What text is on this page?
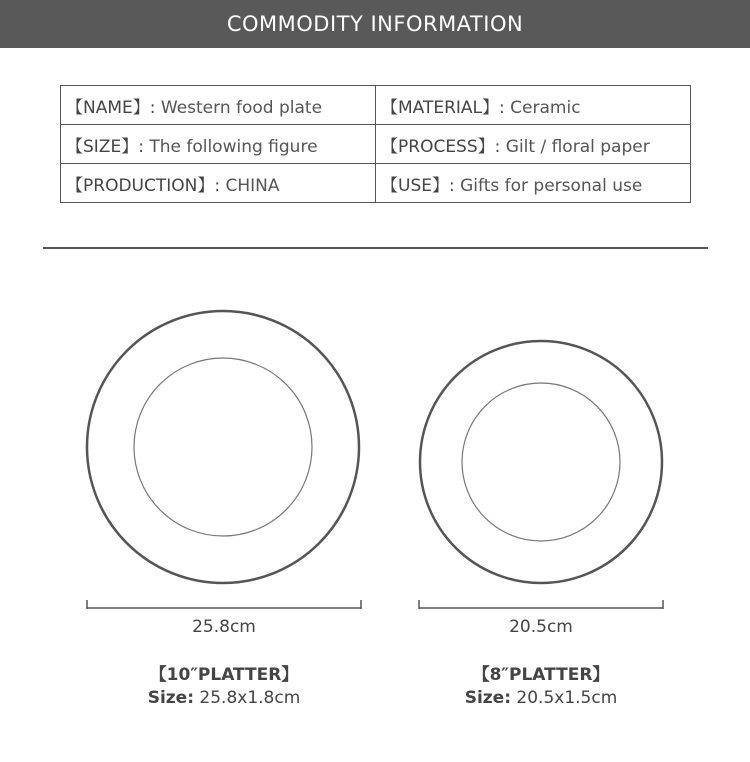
COMMODITY INFORMATION
【NAME】: Western food plate	【MATERIAL】: Ceramic
【SIZE】: The following figure	【PROCESS】: Gilt / floral paper
【PRODUCTION】: CHINA	【USE】: Gifts for personal use
25.8cm	20.5cm
【10″PLATTER】	【8″PLATTER】
Size: 25.8x1.8cm	Size: 20.5x1.5cm
